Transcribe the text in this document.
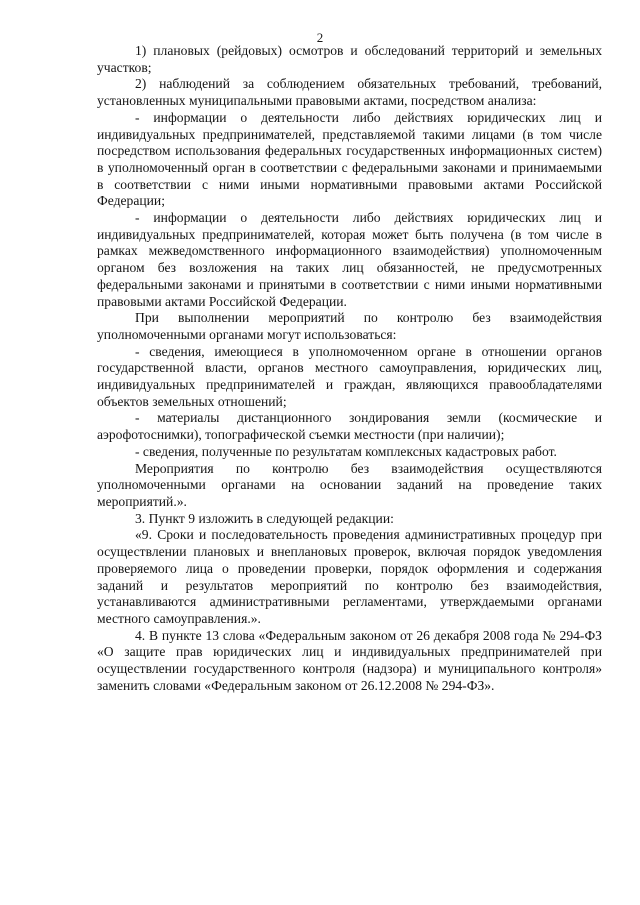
2

1) плановых (рейдовых) осмотров и обследований территорий и земельных участков;

2) наблюдений за соблюдением обязательных требований, требований, установленных муниципальными правовыми актами, посредством анализа:

- информации о деятельности либо действиях юридических лиц и индивидуальных предпринимателей, представляемой такими лицами (в том числе посредством использования федеральных государственных информационных систем) в уполномоченный орган в соответствии с федеральными законами и принимаемыми в соответствии с ними иными нормативными правовыми актами Российской Федерации;

- информации о деятельности либо действиях юридических лиц и индивидуальных предпринимателей, которая может быть получена (в том числе в рамках межведомственного информационного взаимодействия) уполномоченным органом без возложения на таких лиц обязанностей, не предусмотренных федеральными законами и принятыми в соответствии с ними иными нормативными правовыми актами Российской Федерации.

При выполнении мероприятий по контролю без взаимодействия уполномоченными органами могут использоваться:

- сведения, имеющиеся в уполномоченном органе в отношении органов государственной власти, органов местного самоуправления, юридических лиц, индивидуальных предпринимателей и граждан, являющихся правообладателями объектов земельных отношений;

- материалы дистанционного зондирования земли (космические и аэрофотоснимки), топографической съемки местности (при наличии);

- сведения, полученные по результатам комплексных кадастровых работ.

Мероприятия по контролю без взаимодействия осуществляются уполномоченными органами на основании заданий на проведение таких мероприятий.».

3. Пункт 9 изложить в следующей редакции:

«9. Сроки и последовательность проведения административных процедур при осуществлении плановых и внеплановых проверок, включая порядок уведомления проверяемого лица о проведении проверки, порядок оформления и содержания заданий и результатов мероприятий по контролю без взаимодействия, устанавливаются административными регламентами, утверждаемыми органами местного самоуправления.».

4. В пункте 13 слова «Федеральным законом от 26 декабря 2008 года № 294-ФЗ «О защите прав юридических лиц и индивидуальных предпринимателей при осуществлении государственного контроля (надзора) и муниципального контроля» заменить словами «Федеральным законом от 26.12.2008 № 294-ФЗ».
